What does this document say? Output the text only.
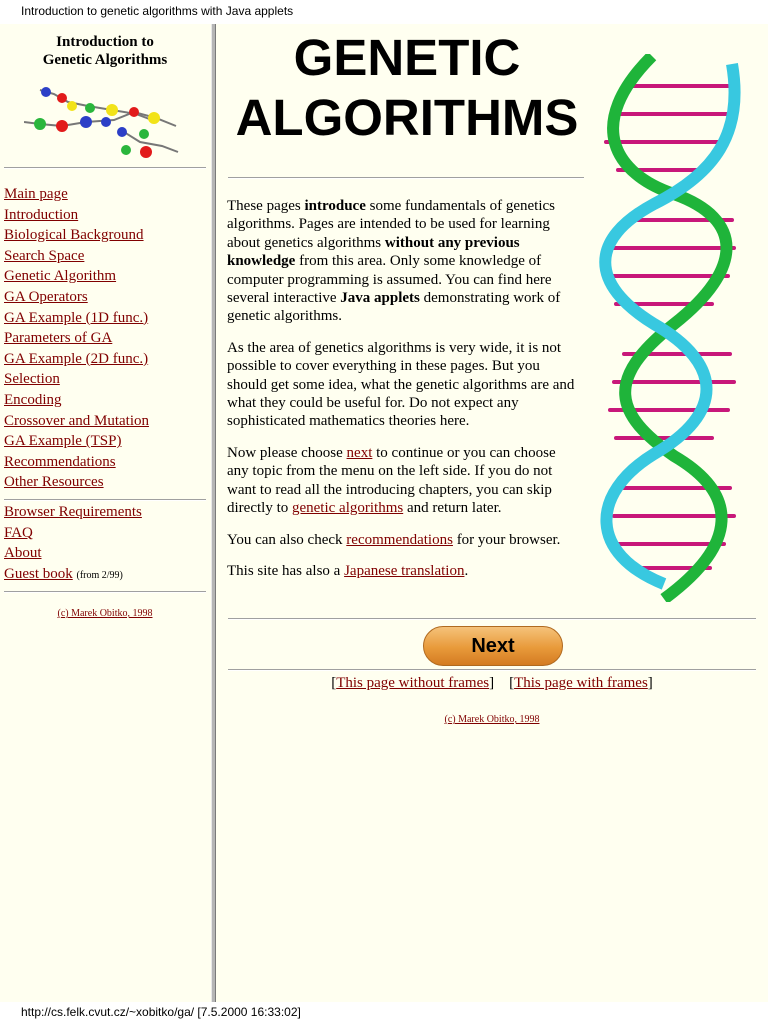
Introduction to genetic algorithms with Java applets
Introduction to
Genetic Algorithms
Main page
Introduction
Biological Background
Search Space
Genetic Algorithm
GA Operators
GA Example (1D func.)
Parameters of GA
GA Example (2D func.)
Selection
Encoding
Crossover and Mutation
GA Example (TSP)
Recommendations
Other Resources
Browser Requirements
FAQ
About
Guest book (from 2/99)
(c) Marek Obitko, 1998
GENETIC
ALGORITHMS

These pages introduce some fundamentals of genetics algorithms. Pages are intended to be used for learning about genetics algorithms without any previous knowledge from this area. Only some knowledge of computer programming is assumed. You can find here several interactive Java applets demonstrating work of genetic algorithms.

As the area of genetics algorithms is very wide, it is not possible to cover everything in these pages. But you should get some idea, what the genetic algorithms are and what they could be useful for. Do not expect any sophisticated mathematics theories here.

Now please choose next to continue or you can choose any topic from the menu on the left side. If you do not want to read all the introducing chapters, you can skip directly to genetic algorithms and return later.

You can also check recommendations for your browser.

This site has also a Japanese translation.

Next
[This page without frames]    [This page with frames]
(c) Marek Obitko, 1998
http://cs.felk.cvut.cz/~xobitko/ga/ [7.5.2000 16:33:02]
